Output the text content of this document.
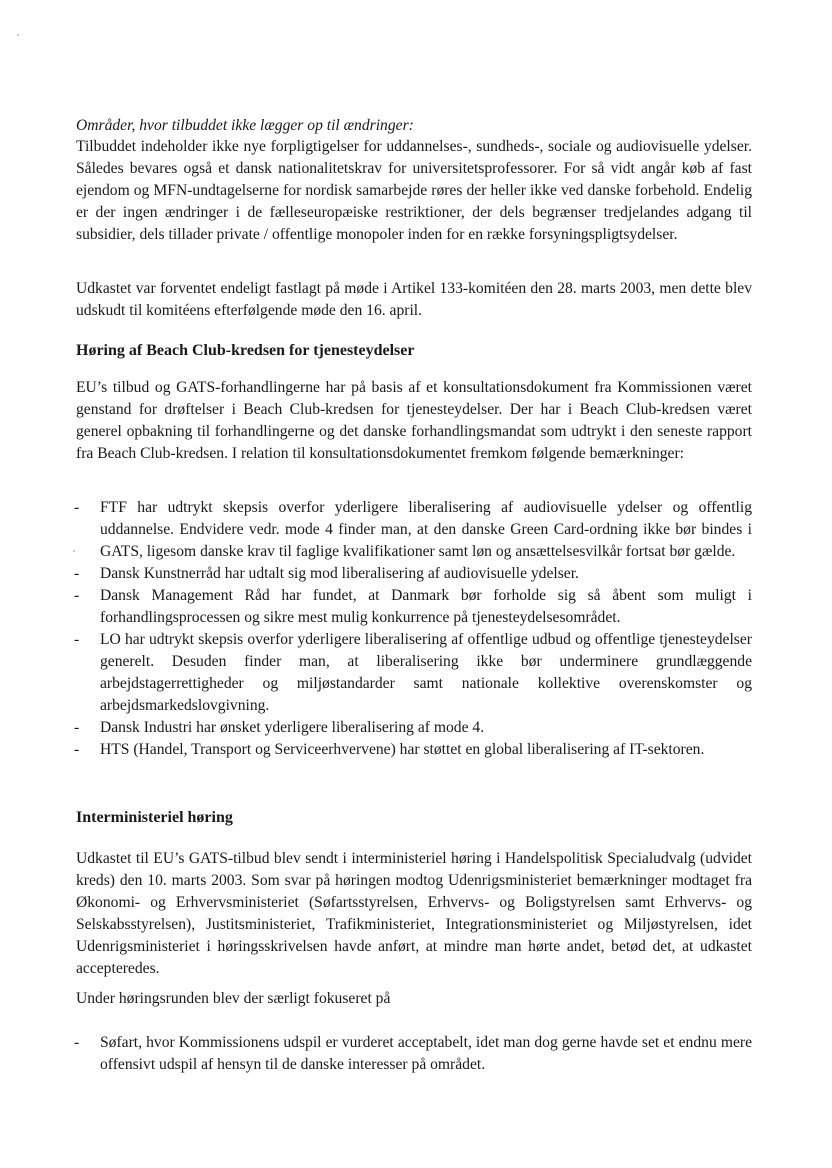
Områder, hvor tilbuddet ikke lægger op til ændringer:

Tilbuddet indeholder ikke nye forpligtigelser for uddannelses-, sundheds-, sociale og audiovisuelle ydelser. Således bevares også et dansk nationalitetskrav for universitetsprofessorer. For så vidt angår køb af fast ejendom og MFN-undtagelserne for nordisk samarbejde røres der heller ikke ved danske forbehold. Endelig er der ingen ændringer i de fælleseuropæiske restriktioner, der dels begrænser tredjelandes adgang til subsidier, dels tillader private / offentlige monopoler inden for en række forsyningspligtsydelser.

Udkastet var forventet endeligt fastlagt på møde i Artikel 133-komitéen den 28. marts 2003, men dette blev udskudt til komitéens efterfølgende møde den 16. april.

Høring af Beach Club-kredsen for tjenesteydelser

EU’s tilbud og GATS-forhandlingerne har på basis af et konsultationsdokument fra Kommissionen været genstand for drøftelser i Beach Club-kredsen for tjenesteydelser. Der har i Beach Club-kredsen været generel opbakning til forhandlingerne og det danske forhandlingsmandat som udtrykt i den seneste rapport fra Beach Club-kredsen. I relation til konsultationsdokumentet fremkom følgende bemærkninger:

- FTF har udtrykt skepsis overfor yderligere liberalisering af audiovisuelle ydelser og offentlig uddannelse. Endvidere vedr. mode 4 finder man, at den danske Green Card-ordning ikke bør bindes i GATS, ligesom danske krav til faglige kvalifikationer samt løn og ansættelsesvilkår fortsat bør gælde.
- Dansk Kunstnerråd har udtalt sig mod liberalisering af audiovisuelle ydelser.
- Dansk Management Råd har fundet, at Danmark bør forholde sig så åbent som muligt i forhandlingsprocessen og sikre mest mulig konkurrence på tjenesteydelsesområdet.
- LO har udtrykt skepsis overfor yderligere liberalisering af offentlige udbud og offentlige tjenesteydelser generelt. Desuden finder man, at liberalisering ikke bør underminere grundlæggende arbejdstagerrettigheder og miljøstandarder samt nationale kollektive overenskomster og arbejdsmarkedslovgivning.
- Dansk Industri har ønsket yderligere liberalisering af mode 4.
- HTS (Handel, Transport og Serviceerhvervene) har støttet en global liberalisering af IT-sektoren.
Interministeriel høring

Udkastet til EU’s GATS-tilbud blev sendt i interministeriel høring i Handelspolitisk Specialudvalg (udvidet kreds) den 10. marts 2003. Som svar på høringen modtog Udenrigsministeriet bemærkninger modtaget fra Økonomi- og Erhvervsministeriet (Søfartsstyrelsen, Erhvervs- og Boligstyrelsen samt Erhvervs- og Selskabsstyrelsen), Justitsministeriet, Trafikministeriet, Integrationsministeriet og Miljøstyrelsen, idet Udenrigsministeriet i høringsskrivelsen havde anført, at mindre man hørte andet, betød det, at udkastet accepteredes.

Under høringsrunden blev der særligt fokuseret på

- Søfart, hvor Kommissionens udspil er vurderet acceptabelt, idet man dog gerne havde set et endnu mere offensivt udspil af hensyn til de danske interesser på området.
